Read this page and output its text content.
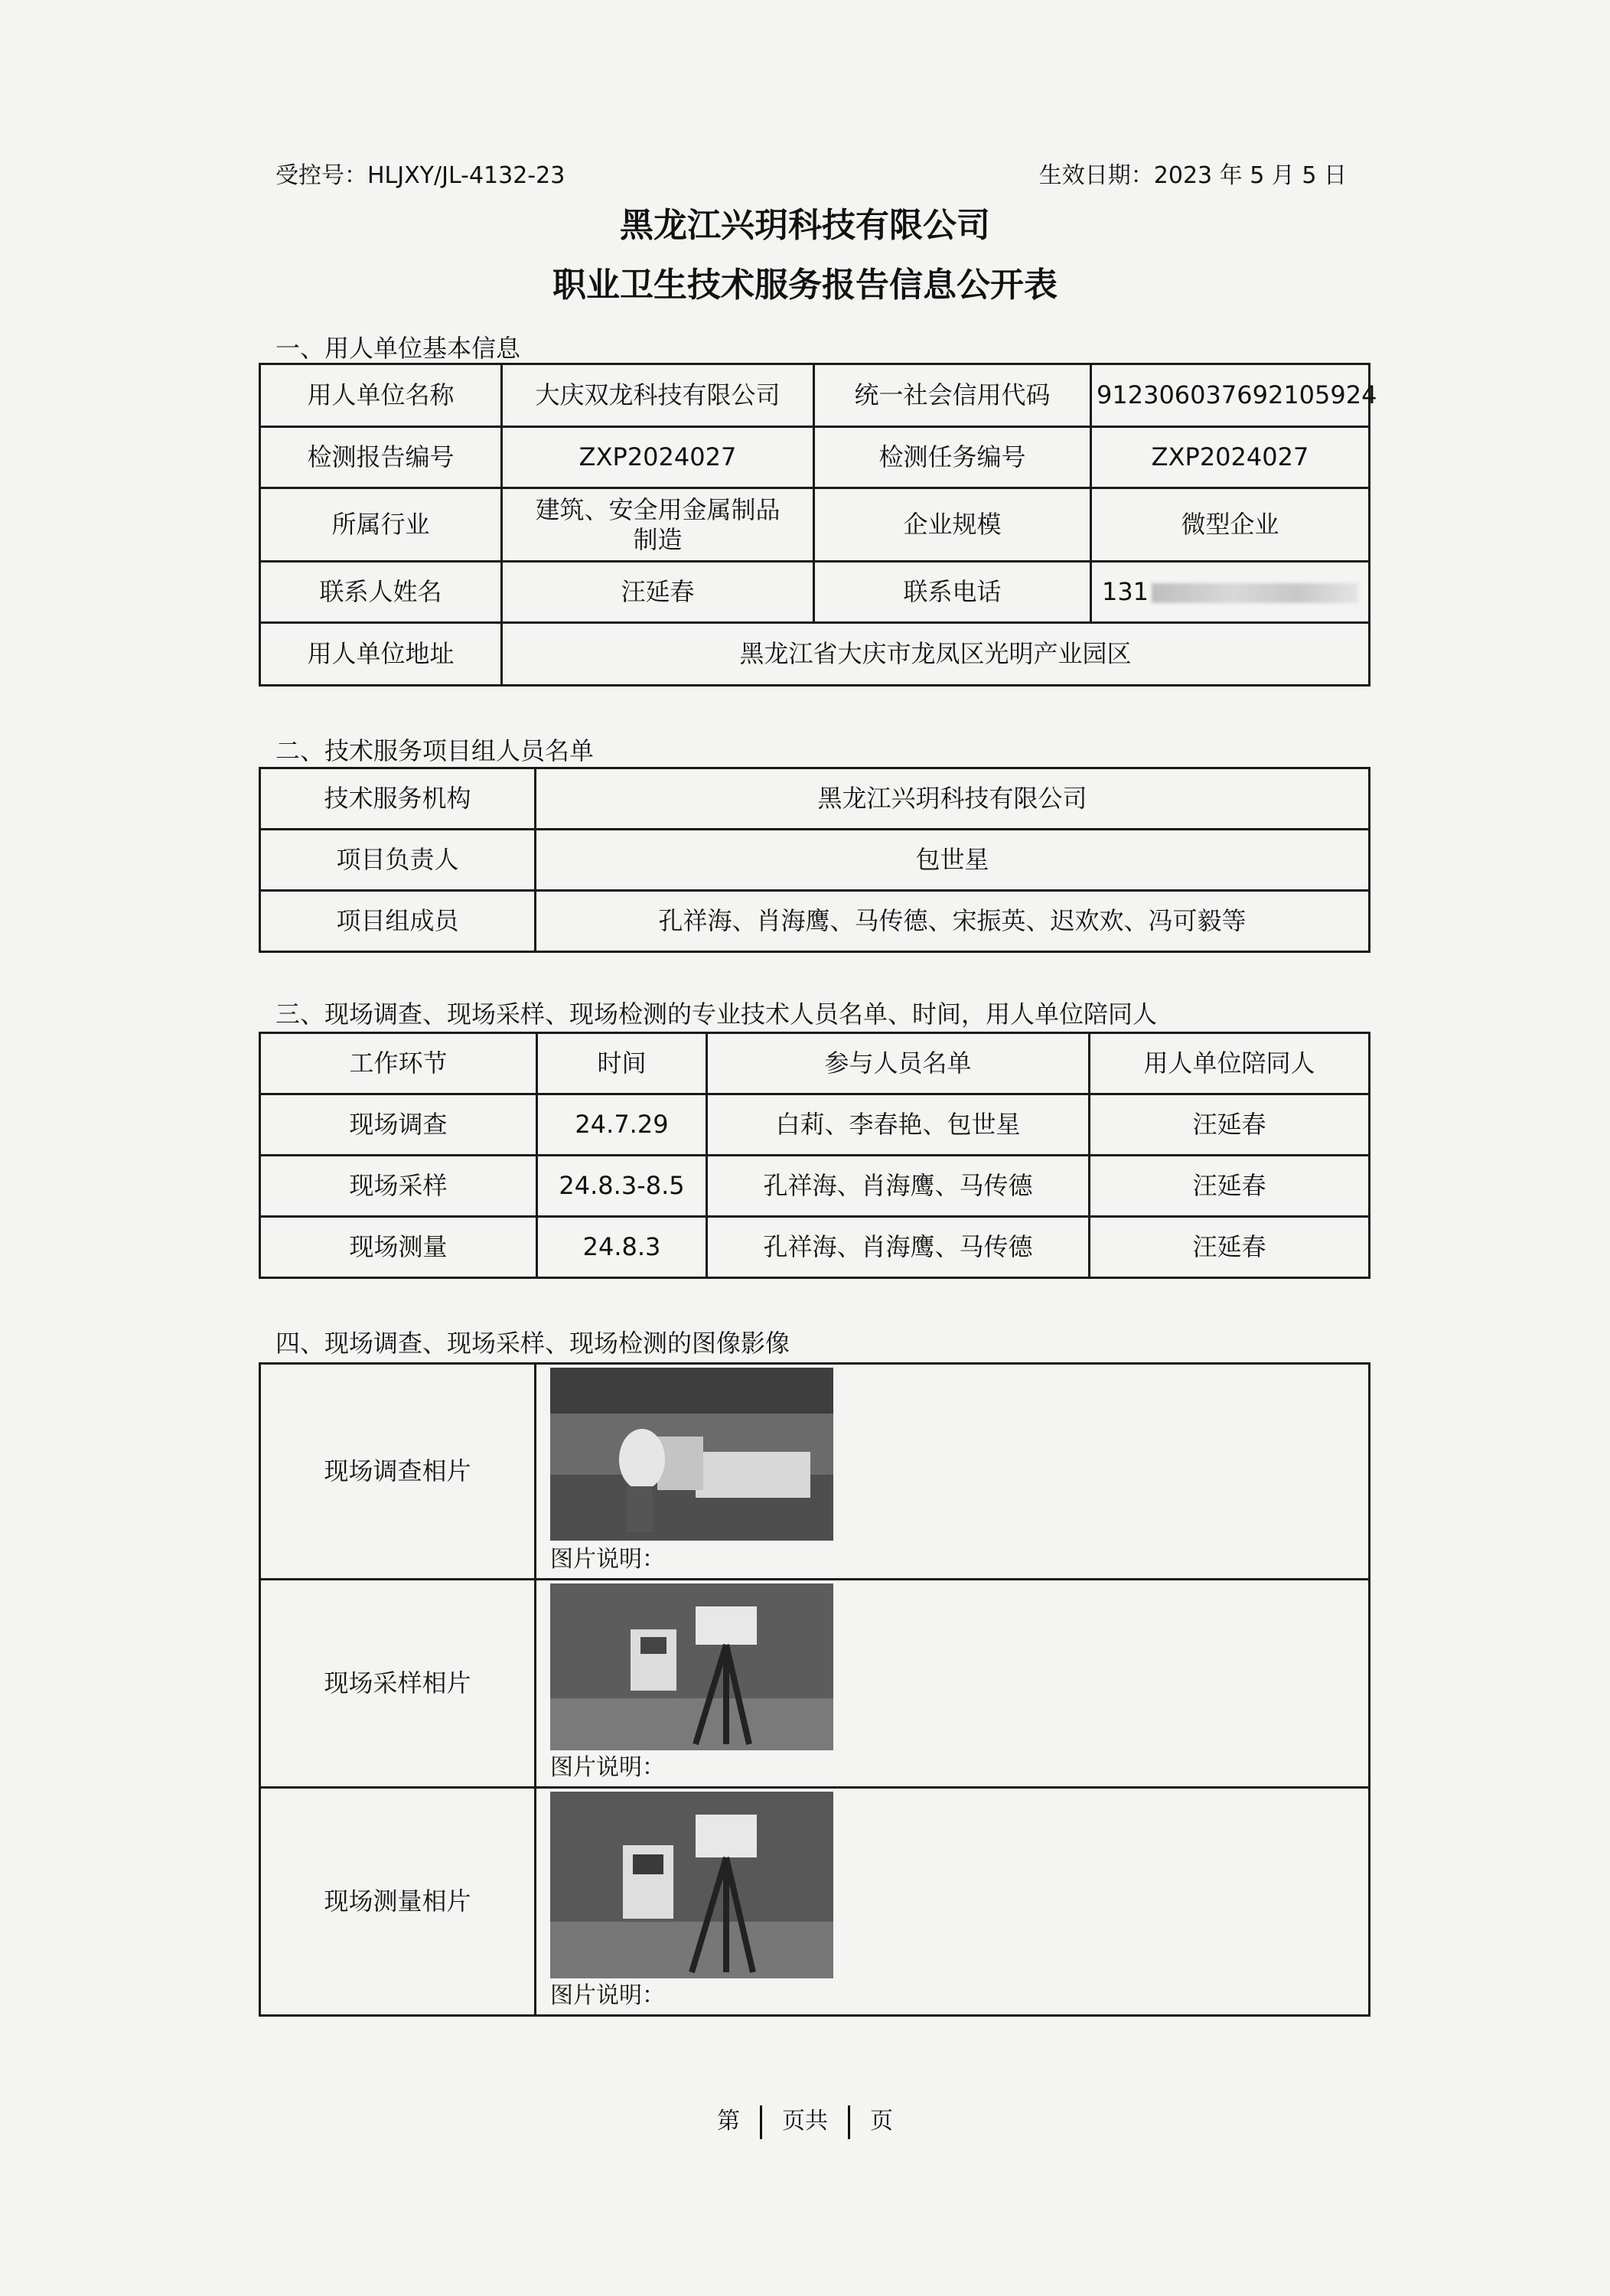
受控号：HLJXY/JL-4132-23	生效日期：2023 年 5 月 5 日
黑龙江兴玥科技有限公司
职业卫生技术服务报告信息公开表
一、用人单位基本信息
用人单位名称	大庆双龙科技有限公司	统一社会信用代码	912306037692105924
检测报告编号	ZXP2024027	检测任务编号	ZXP2024027
所属行业	建筑、安全用金属制品制造	企业规模	微型企业
联系人姓名	汪延春	联系电话	131
用人单位地址	黑龙江省大庆市龙凤区光明产业园区		
二、技术服务项目组人员名单
技术服务机构	黑龙江兴玥科技有限公司
项目负责人	包世星
项目组成员	孔祥海、肖海鹰、马传德、宋振英、迟欢欢、冯可毅等
三、现场调查、现场采样、现场检测的专业技术人员名单、时间，用人单位陪同人
工作环节	时间	参与人员名单	用人单位陪同人
现场调查	24.7.29	白莉、李春艳、包世星	汪延春
现场采样	24.8.3-8.5	孔祥海、肖海鹰、马传德	汪延春
现场测量	24.8.3	孔祥海、肖海鹰、马传德	汪延春
四、现场调查、现场采样、现场检测的图像影像
现场调查相片	图片说明：

现场采样相片	图片说明：

现场测量相片	图片说明：
第 页共 页
